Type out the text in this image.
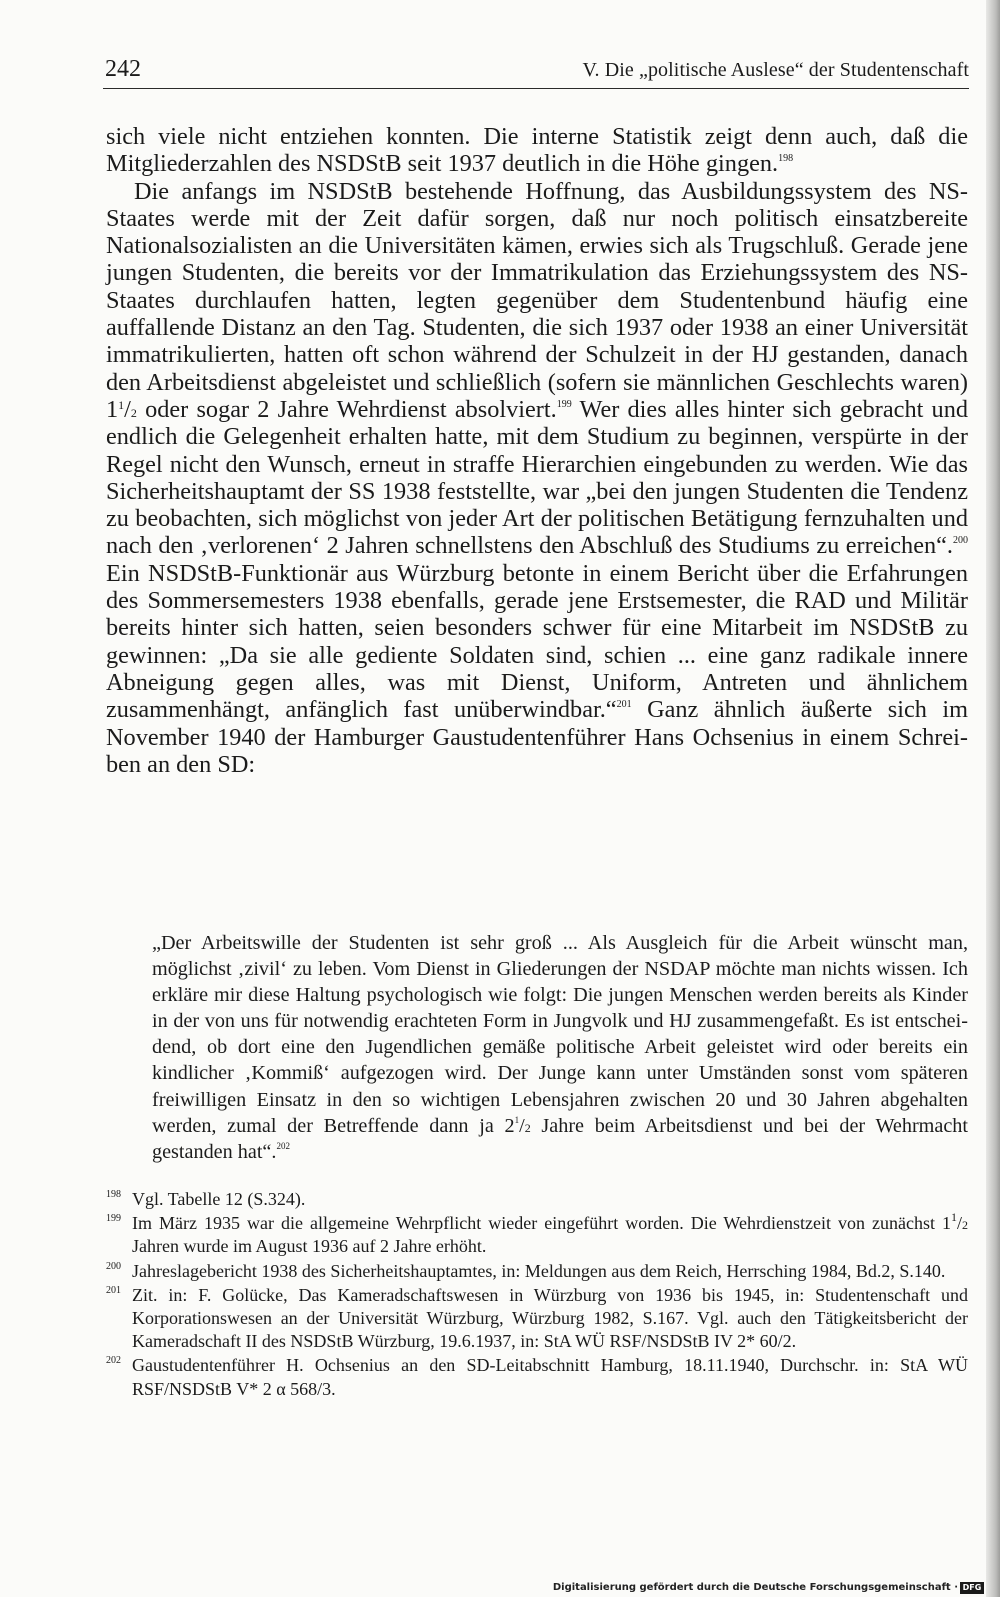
242	V. Die „politische Auslese“ der Studentenschaft

sich viele nicht entziehen konnten. Die interne Statistik zeigt denn auch, daß die Mitgliederzahlen des NSDStB seit 1937 deutlich in die Höhe gingen.$^{198}$

Die anfangs im NSDStB bestehende Hoffnung, das Ausbildungssystem des NS-Staates werde mit der Zeit dafür sorgen, daß nur noch politisch einsatzbereite Nationalsozialisten an die Universitäten kämen, erwies sich als Trugschluß. Gerade jene jungen Studenten, die bereits vor der Immatrikulation das Erziehungssystem des NS-Staates durchlaufen hatten, legten gegenüber dem Studentenbund häufig eine auffallende Distanz an den Tag. Studenten, die sich 1937 oder 1938 an einer Universität immatrikulierten, hatten oft schon während der Schulzeit in der HJ gestanden, danach den Arbeitsdienst abgeleistet und schließlich (sofern sie männlichen Geschlechts waren) $1^1/2$ oder sogar 2 Jahre Wehrdienst absolviert.$^{199}$ Wer dies alles hinter sich gebracht und endlich die Gelegenheit erhalten hatte, mit dem Studium zu beginnen, verspürte in der Regel nicht den Wunsch, erneut in straffe Hierarchien eingebunden zu werden. Wie das Sicherheitshauptamt der SS 1938 feststellte, war „bei den jungen Studenten die Tendenz zu beobachten, sich möglichst von jeder Art der politischen Betätigung fernzuhalten und nach den ‚verlorenen‘ 2 Jahren schnellstens den Abschluß des Studiums zu erreichen“.$^{200}$ Ein NSDStB-Funktionär aus Würzburg betonte in einem Bericht über die Erfahrungen des Sommersemesters 1938 ebenfalls, gerade jene Erstsemester, die RAD und Militär bereits hinter sich hatten, seien besonders schwer für eine Mitarbeit im NSDStB zu gewinnen: „Da sie alle gediente Soldaten sind, schien ... eine ganz radikale innere Abneigung gegen alles, was mit Dienst, Uniform, Antreten und ähnlichem zusammenhängt, anfänglich fast unüberwindbar.“$^{201}$ Ganz ähnlich äußerte sich im November 1940 der Hamburger Gaustudentenführer Hans Ochsenius in einem Schreiben an den SD:

„Der Arbeitswille der Studenten ist sehr groß ... Als Ausgleich für die Arbeit wünscht man, möglichst ‚zivil‘ zu leben. Vom Dienst in Gliederungen der NSDAP möchte man nichts wissen. Ich erkläre mir diese Haltung psychologisch wie folgt: Die jungen Menschen werden bereits als Kinder in der von uns für notwendig erachteten Form in Jungvolk und HJ zusammengefaßt. Es ist entscheidend, ob dort eine den Jugendlichen gemäße politische Arbeit geleistet wird oder bereits ein kindlicher ‚Kommiß‘ aufgezogen wird. Der Junge kann unter Umständen sonst vom späteren freiwilligen Einsatz in den so wichtigen Lebensjahren zwischen 20 und 30 Jahren abgehalten werden, zumal der Betreffende dann ja $2^1/2$ Jahre beim Arbeitsdienst und bei der Wehrmacht gestanden hat“.$^{202}$
198 Vgl. Tabelle 12 (S.324).
199 Im März 1935 war die allgemeine Wehrpflicht wieder eingeführt worden. Die Wehrdienstzeit von zunächst $1^1/2$ Jahren wurde im August 1936 auf 2 Jahre erhöht.
200 Jahreslagebericht 1938 des Sicherheitshauptamtes, in: Meldungen aus dem Reich, Herrsching 1984, Bd.2, S.140.
201 Zit. in: F. Golücke, Das Kameradschaftswesen in Würzburg von 1936 bis 1945, in: Studentenschaft und Korporationswesen an der Universität Würzburg, Würzburg 1982, S.167. Vgl. auch den Tätigkeitsbericht der Kameradschaft II des NSDStB Würzburg, 19.6.1937, in: StA WÜ RSF/NSDStB IV 2* 60/2.
202 Gaustudentenführer H. Ochsenius an den SD-Leitabschnitt Hamburg, 18.11.1940, Durchschr. in: StA WÜ RSF/NSDStB V* 2 α 568/3.
Digitalisierung gefördert durch die Deutsche Forschungsgemeinschaft · DFG
